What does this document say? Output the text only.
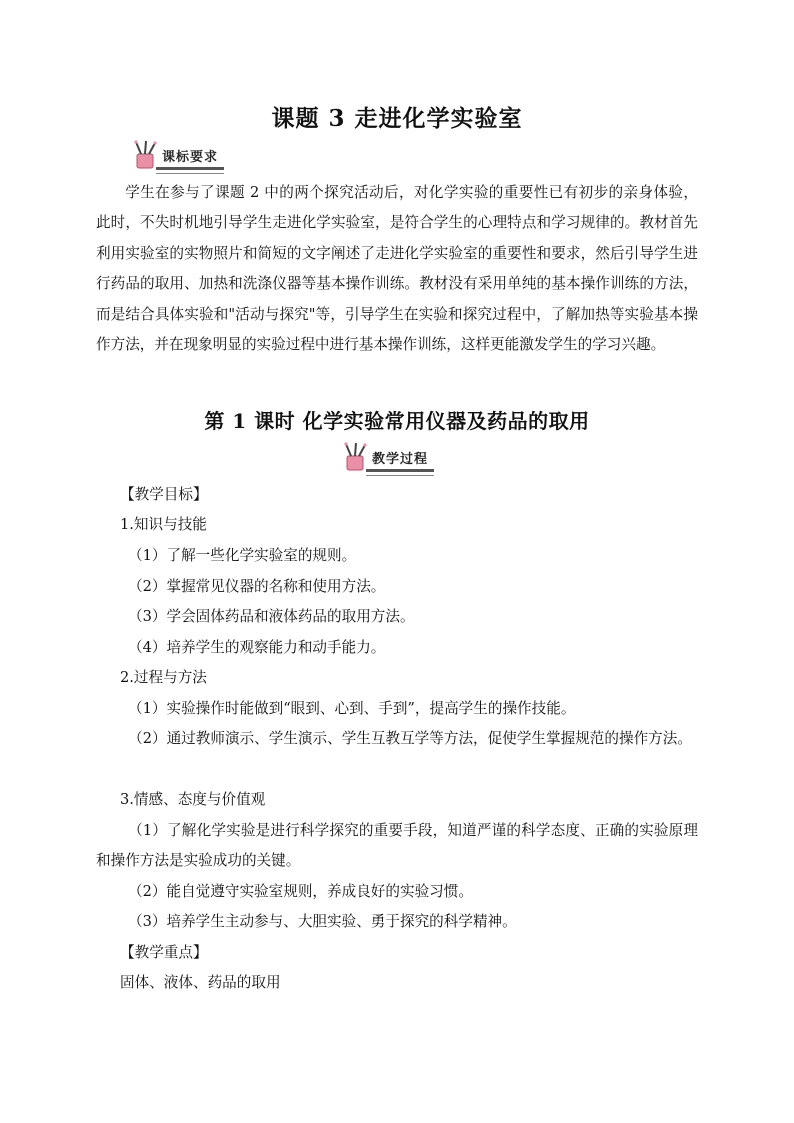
课题 3 走进化学实验室
课标要求

学生在参与了课题 2 中的两个探究活动后，对化学实验的重要性已有初步的亲身体验，此时，不失时机地引导学生走进化学实验室，是符合学生的心理特点和学习规律的。教材首先利用实验室的实物照片和简短的文字阐述了走进化学实验室的重要性和要求，然后引导学生进行药品的取用、加热和洗涤仪器等基本操作训练。教材没有采用单纯的基本操作训练的方法，而是结合具体实验和"活动与探究"等，引导学生在实验和探究过程中，了解加热等实验基本操作方法，并在现象明显的实验过程中进行基本操作训练，这样更能激发学生的学习兴趣。

第 1 课时 化学实验常用仪器及药品的取用
教学过程

【教学目标】

1.知识与技能

（1）了解一些化学实验室的规则。

（2）掌握常见仪器的名称和使用方法。

（3）学会固体药品和液体药品的取用方法。

（4）培养学生的观察能力和动手能力。

2.过程与方法

（1）实验操作时能做到“眼到、心到、手到”，提高学生的操作技能。

（2）通过教师演示、学生演示、学生互教互学等方法，促使学生掌握规范的操作方法。

3.情感、态度与价值观

（1）了解化学实验是进行科学探究的重要手段，知道严谨的科学态度、正确的实验原理和操作方法是实验成功的关键。

（2）能自觉遵守实验室规则，养成良好的实验习惯。

（3）培养学生主动参与、大胆实验、勇于探究的科学精神。

【教学重点】

固体、液体、药品的取用
